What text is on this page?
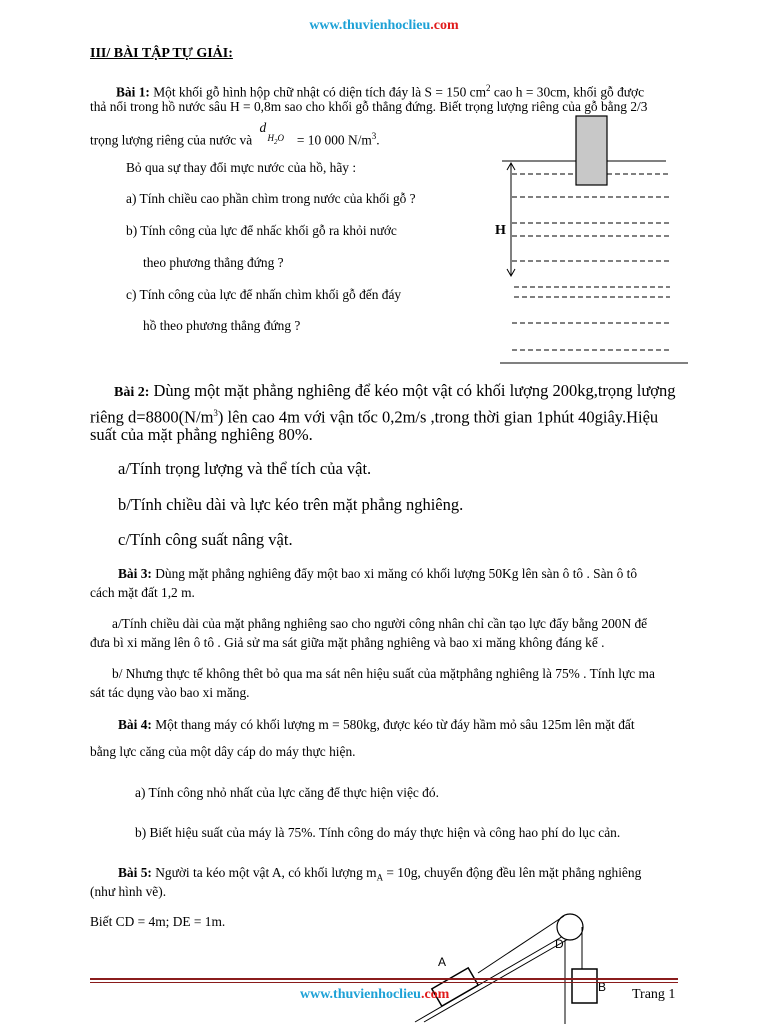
www.thuvienhoclieu.com
III/ BÀI TẬP TỰ GIẢI:
Bài 1: Một khối gỗ hình hộp chữ nhật có diện tích đáy là S = 150 $cm^2$ cao h = 30cm, khối gỗ được
thả nổi trong hồ nước sâu H = 0,8m sao cho khối gỗ thẳng đứng. Biết trọng lượng riêng của gỗ bằng 2/3
trọng lượng riêng của nước và
d
$H_2O = 10$ 000 $N/m^3$.
Bỏ qua sự thay đổi mực nước của hồ, hãy :
a) Tính chiều cao phần chìm trong nước của khối gỗ ?
b) Tính công của lực để nhấc khối gỗ ra khỏi nước
theo phương thẳng đứng ?
c) Tính công của lực để nhấn chìm khối gỗ đến đáy
hồ theo phương thẳng đứng ?
H
Bài 2: Dùng một mặt phẳng nghiêng để kéo một vật có khối lượng 200kg,trọng lượng
riêng $d=8800(N/m^3)$ lên cao 4m với vận tốc 0,2m/s ,trong thời gian 1phút 40giây.Hiệu
suất của mặt phẳng nghiêng 80%.
a/Tính trọng lượng và thể tích của vật.
b/Tính chiều dài và lực kéo trên mặt phẳng nghiêng.
c/Tính công suất nâng vật.
Bài 3: Dùng mặt phẳng nghiêng đẩy một bao xi măng có khối lượng 50Kg lên sàn ô tô . Sàn ô tô
cách mặt đất 1,2 m.
a/Tính chiều dài của mặt phẳng nghiêng sao cho người công nhân chỉ cần tạo lực đẩy bằng 200N để
đưa bì xi măng lên ô tô . Giả sử ma sát giữa mặt phẳng nghiêng và bao xi măng không đáng kể .
b/ Nhưng thực tế không thêt bỏ qua ma sát nên hiệu suất của mặtphẳng nghiêng là 75% . Tính lực ma
sát tác dụng vào bao xi măng.
Bài 4: Một thang máy có khối lượng m = 580kg, được kéo từ đáy hầm mỏ sâu 125m lên mặt đất
bằng lực căng của một dây cáp do máy thực hiện.
a) Tính công nhỏ nhất của lực căng để thực hiện việc đó.
b) Biết hiệu suất của máy là 75%. Tính công do máy thực hiện và công hao phí do lục cản.
Bài 5: Người ta kéo một vật A, có khối lượng $m_A = 10g$, chuyển động đều lên mặt phẳng nghiêng
(như hình vẽ).
Biết CD = 4m; DE = 1m.
A
D
B
www.thuvienhoclieu.com	Trang 1
